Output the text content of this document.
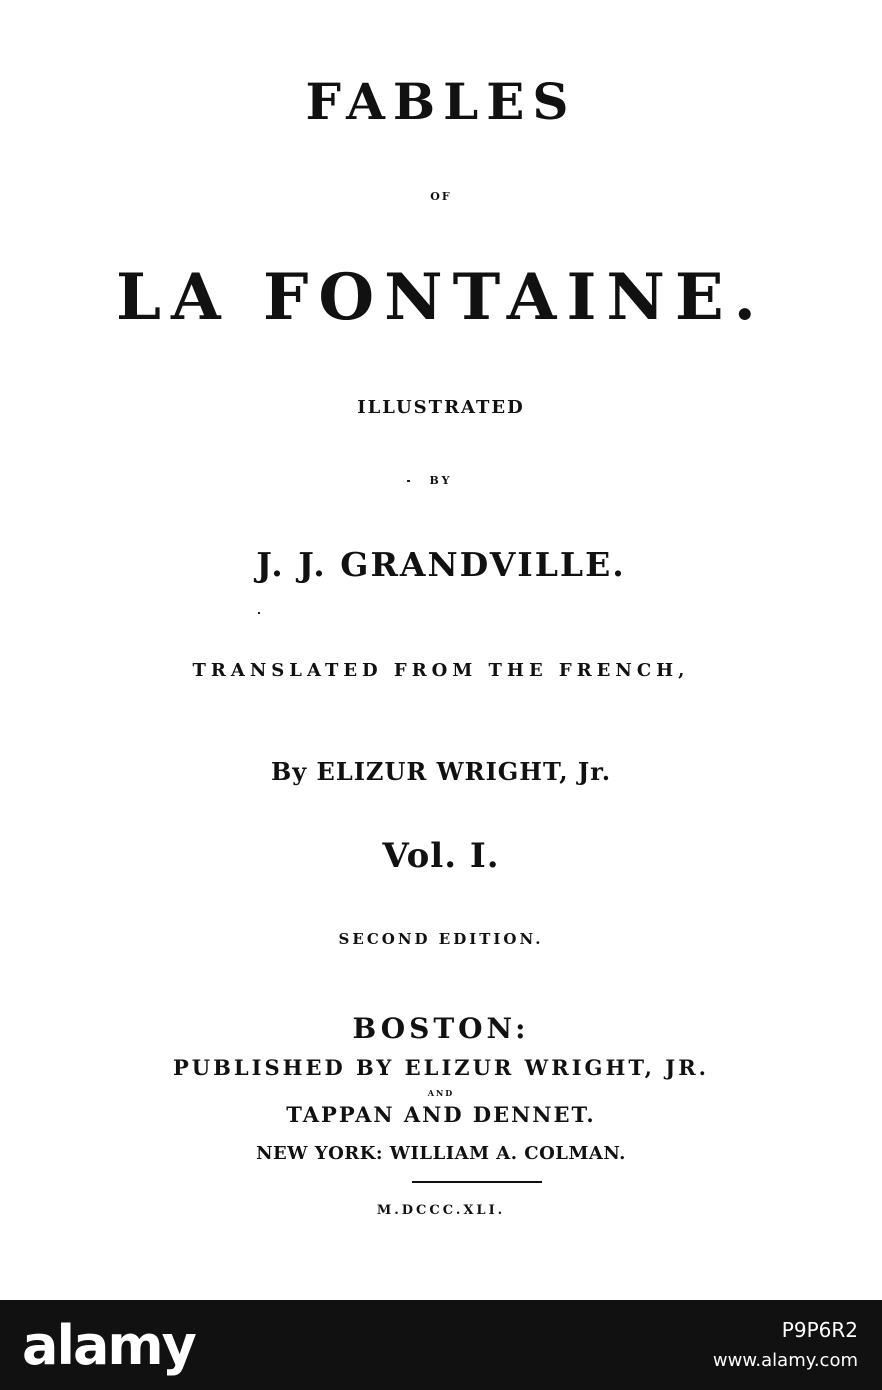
FABLES
OF
LA FONTAINE.
ILLUSTRATED
BY
J. J. GRANDVILLE.
TRANSLATED FROM THE FRENCH,
By ELIZUR WRIGHT, Jr.
Vol. I.
SECOND EDITION.
BOSTON:
PUBLISHED BY ELIZUR WRIGHT, JR.
AND
TAPPAN AND DENNET.
NEW YORK: WILLIAM A. COLMAN.
M.DCCC.XLI.
alamy	P9P6R2
www.alamy.com
